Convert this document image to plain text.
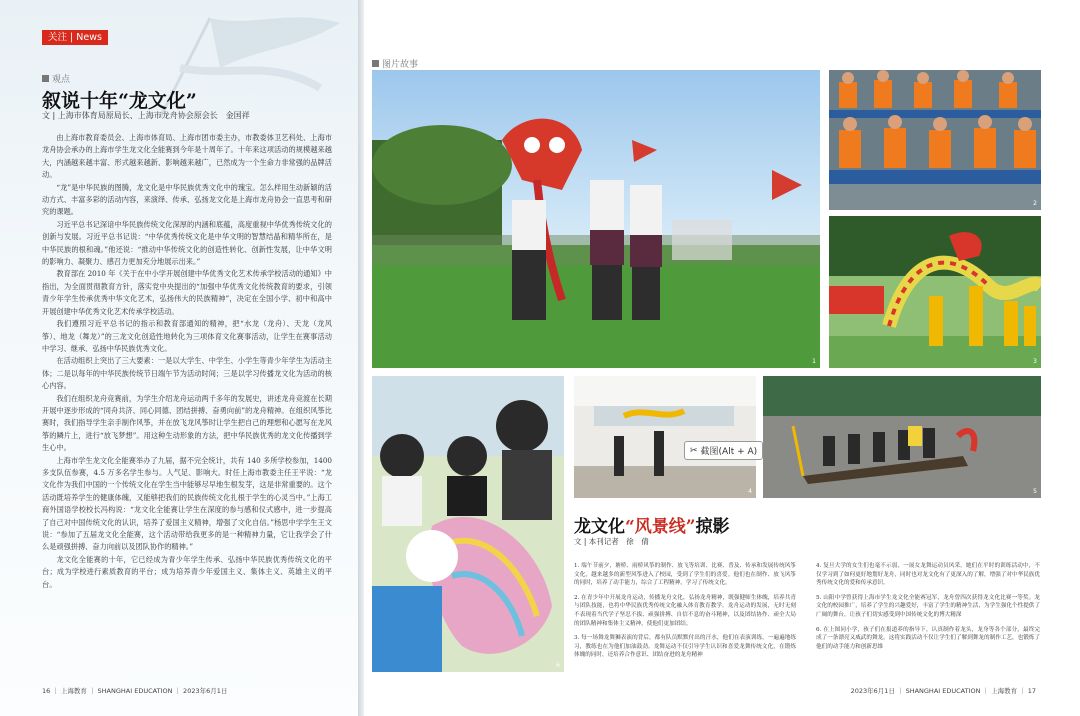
关注 | News
观点
叙说十年“龙文化”
文 | 上海市体育局原局长、上海市龙舟协会原会长　金国祥

由上海市教育委员会、上海市体育局、上海市团市委主办，市教委体卫艺科处、上海市龙舟协会承办的上海市学生龙文化全能赛到今年是十周年了。十年来这项活动的规模越来越大，内涵越来越丰富、形式越来越新、影响越来越广，已然成为一个生命力非常强的品牌活动。

“龙”是中华民族的图腾，龙文化是中华民族优秀文化中的瑰宝。怎么样用生动新颖的活动方式、丰富多彩的活动内容，来演绎、传承、弘扬龙文化是上海市龙舟协会一直思考和研究的课题。

习近平总书记深谙中华民族传统文化深厚的内涵和底蕴，高度重视中华优秀传统文化的创新与发展。习近平总书记说：“中华优秀传统文化是中华文明的智慧结晶和精华所在，是中华民族的根和魂。”他还说：“推动中华传统文化的创造性转化、创新性发展，让中华文明的影响力、凝聚力、感召力更加充分地展示出来。”

教育部在 2010 年《关于在中小学开展创建中华优秀文化艺术传承学校活动的通知》中指出，为全面贯彻教育方针，落实党中央提出的“加强中华优秀文化传统教育的要求，引领青少年学生传承优秀中华文化艺术，弘扬伟大的民族精神”，决定在全国小学、初中和高中开展创建中华优秀文化艺术传承学校活动。

我们遵照习近平总书记的指示和教育部通知的精神，把“水龙（龙舟）、天龙（龙风筝）、地龙（舞龙）”的三龙文化创造性地转化为三项体育文化赛事活动，让学生在赛事活动中学习、继承、弘扬中华民族优秀文化。

在活动组织上突出了三大要素：一是以大学生、中学生、小学生等青少年学生为活动主体；二是以每年的中华民族传统节日端午节为活动时间；三是以学习传播龙文化为活动的核心内容。

我们在组织龙舟竞赛前，为学生介绍龙舟运动两千多年的发展史，讲述龙舟竞渡在长期开展中逐步形成的“同舟共济、同心同德、团结拼搏、奋勇向前”的龙舟精神。在组织风筝比赛时，我们指导学生亲手制作风筝，并在放飞龙风筝时让学生把自己的理想和心愿写在龙风筝的鳞片上，进行“放飞梦想”。用这种生动形象的方法，把中华民族优秀的龙文化传播到学生心中。

上海市学生龙文化全能赛举办了九届，据不完全统计，共有 140 多所学校参加，1400 多支队伍参赛，4.5 万多名学生参与。人气足、影响大。时任上海市教委主任王平说：“龙文化作为我们中国的一个传统文化在学生当中能够尽早地生根发芽，这是非常重要的。这个活动既培养学生的健康体魄，又能够把我们的民族传统文化扎根于学生的心灵当中。”上海工商外国语学校校长冯构说：“龙文化全能赛让学生在深度的参与感和仪式感中，进一步提高了自己对中国传统文化的认识，培养了爱国主义精神，增强了文化自信。”杨思中学学生王文说：“参加了五届龙文化全能赛，这个活动带给我更多的是一种精神力量，它让我学会了什么是顽强拼搏、奋力向前以及团队协作的精神。”

龙文化全能赛的十年，它已经成为青少年学生传承、弘扬中华民族优秀传统文化的平台；成为学校进行素质教育的平台；成为培养青少年爱国主义、集体主义、英雄主义的平台。

16 ｜ 上海教育 ｜ SHANGHAI EDUCATION ｜ 2023年6月1日
图片故事
1
2
3
6
4
✂ 截图(Alt + A)
5
龙文化“风景线”掠影
文 | 本刊记者　徐　倩

1. 端午节前夕，塘桥、雨桥风筝的制作、放飞等培训、比赛、普及、传承和发展传统风筝文化，越来越多的新型风筝进入了校园，受到了学生们的喜爱。他们也在制作、放飞风筝的同时，培养了动手能力，综合了工程精神，学习了传统文化。

2. 在青少年中开展龙舟运动，传播龙舟文化，弘扬龙舟精神，既强健师生体魄，培养共青与团队技能，也将中华民族优秀传统文化融入体育教育教学。龙舟运动的发展，无时无刻不表现着当代学子坚忍不拔、顽强拼搏、自信不息的奋斗精神，以及团结协作、顽全大局的团队精神和集体主义精神，使他们更加团结。

3. 每一场舞龙舞狮表演的背后，都有队员默默付出的汗水，他们在表演训练，一遍遍地练习，教练也在为他们加油鼓劲。龙舞运动不仅引导学生认识和喜爱龙舞传统文化，在锻炼体魄的同时，还培养合作意识、团结奋进的龙舟精神

4. 复旦大学的女生们也毫不示弱，一展女龙舞运动员风采。她们在平时的训练活动中，不仅学习到了如何更好地划好龙舟，同时也对龙文化有了更深入的了解，增强了对中华民族优秀传统文化的爱和传承意识。

5. 山阳中学曾获得上海市学生龙文化全能赛冠军，龙舟曾四次获得龙文化比赛一等奖。龙文化的校园推广，培养了学生的兴趣爱好，丰富了学生的精神生活，为学生强化个性提供了广阔的舞台，让孩子们切实感受到中国传统文化的博大精深

6. 在上图同小学，孩子们在报道养的指导下，认真制作着龙头，龙身等各个部分，最终完成了一条漂亮又威武的舞龙。这将实践活动不仅让学生们了解到舞龙的制作工艺，也锻炼了他们的动手能力和创新思维

2023年6月1日 ｜ SHANGHAI EDUCATION ｜ 上海教育 ｜ 17
